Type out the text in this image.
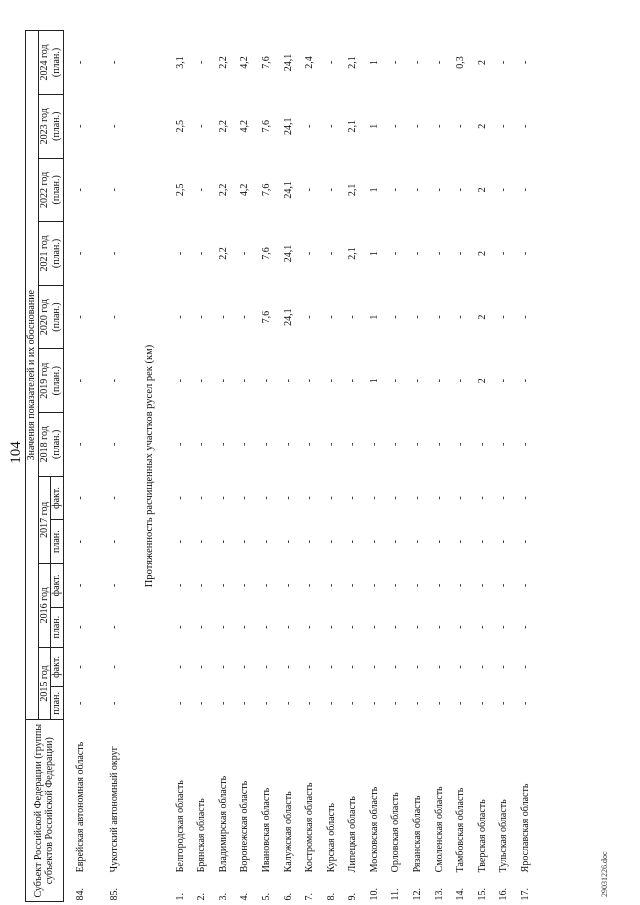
104
Субъект Российской Федерации (группы субъектов Российской Федерации)		Значения показателей и их обоснование												
		2015 год		2016 год		2017 год		2018 год (план.)	2019 год (план.)	2020 год (план.)	2021 год (план.)	2022 год (план.)	2023 год (план.)	2024 год (план.)
		план.	факт.	план.	факт.	план.	факт.							
84.	Еврейская автономная область	-	-	-	-	-	-	-	-	-	-	-	-	-
85.	Чукотский автономный округ	-	-	-	-	-	-	-	-	-	-	-	-	-
Протяженность расчищенных участков русел рек (км)														
1.	Белгородская область	-	-	-	-	-	-	-	-	-	-	2,5	2,5	3,1
2.	Брянская область	-	-	-	-	-	-	-	-	-	-	-	-	-
3.	Владимирская область	-	-	-	-	-	-	-	-	-	2,2	2,2	2,2	2,2
4.	Воронежская область	-	-	-	-	-	-	-	-	-	-	4,2	4,2	4,2
5.	Ивановская область	-	-	-	-	-	-	-	-	7,6	7,6	7,6	7,6	7,6
6.	Калужская область	-	-	-	-	-	-	-	-	24,1	24,1	24,1	24,1	24,1
7.	Костромская область	-	-	-	-	-	-	-	-	-	-	-	-	2,4
8.	Курская область	-	-	-	-	-	-	-	-	-	-	-	-	-
9.	Липецкая область	-	-	-	-	-	-	-	-	-	2,1	2,1	2,1	2,1
10.	Московская область	-	-	-	-	-	-	-	1	1	1	1	1	1
11.	Орловская область	-	-	-	-	-	-	-	-	-	-	-	-	-
12.	Рязанская область	-	-	-	-	-	-	-	-	-	-	-	-	-
13.	Смоленская область	-	-	-	-	-	-	-	-	-	-	-	-	-
14.	Тамбовская область	-	-	-	-	-	-	-	-	-	-	-	-	0,3
15.	Тверская область	-	-	-	-	-	-	-	2	2	2	2	2	2
16.	Тульская область	-	-	-	-	-	-	-	-	-	-	-	-	-
17.	Ярославская область	-	-	-	-	-	-	-	-	-	-	-	-	-
29031226.doc
